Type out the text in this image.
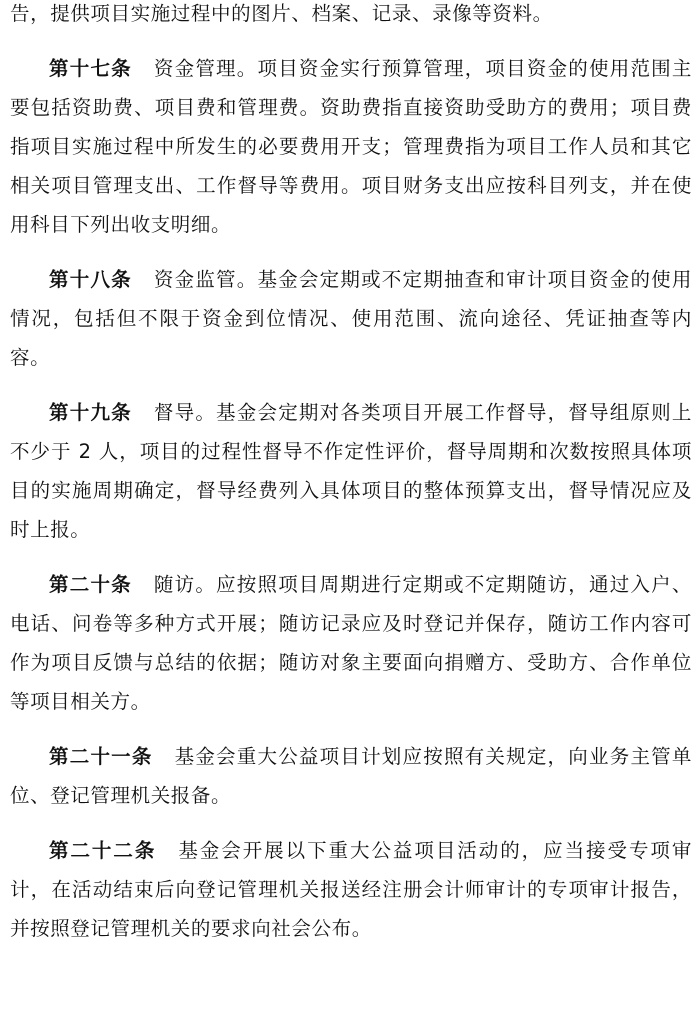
告，提供项目实施过程中的图片、档案、记录、录像等资料。

第十七条 资金管理。项目资金实行预算管理，项目资金的使用范围主要包括资助费、项目费和管理费。资助费指直接资助受助方的费用；项目费指项目实施过程中所发生的必要费用开支；管理费指为项目工作人员和其它相关项目管理支出、工作督导等费用。项目财务支出应按科目列支，并在使用科目下列出收支明细。

第十八条 资金监管。基金会定期或不定期抽查和审计项目资金的使用情况，包括但不限于资金到位情况、使用范围、流向途径、凭证抽查等内容。

第十九条 督导。基金会定期对各类项目开展工作督导，督导组原则上不少于 2 人，项目的过程性督导不作定性评价，督导周期和次数按照具体项目的实施周期确定，督导经费列入具体项目的整体预算支出，督导情况应及时上报。

第二十条 随访。应按照项目周期进行定期或不定期随访，通过入户、电话、问卷等多种方式开展；随访记录应及时登记并保存，随访工作内容可作为项目反馈与总结的依据；随访对象主要面向捐赠方、受助方、合作单位等项目相关方。

第二十一条 基金会重大公益项目计划应按照有关规定，向业务主管单位、登记管理机关报备。

第二十二条 基金会开展以下重大公益项目活动的，应当接受专项审计，在活动结束后向登记管理机关报送经注册会计师审计的专项审计报告，并按照登记管理机关的要求向社会公布。
